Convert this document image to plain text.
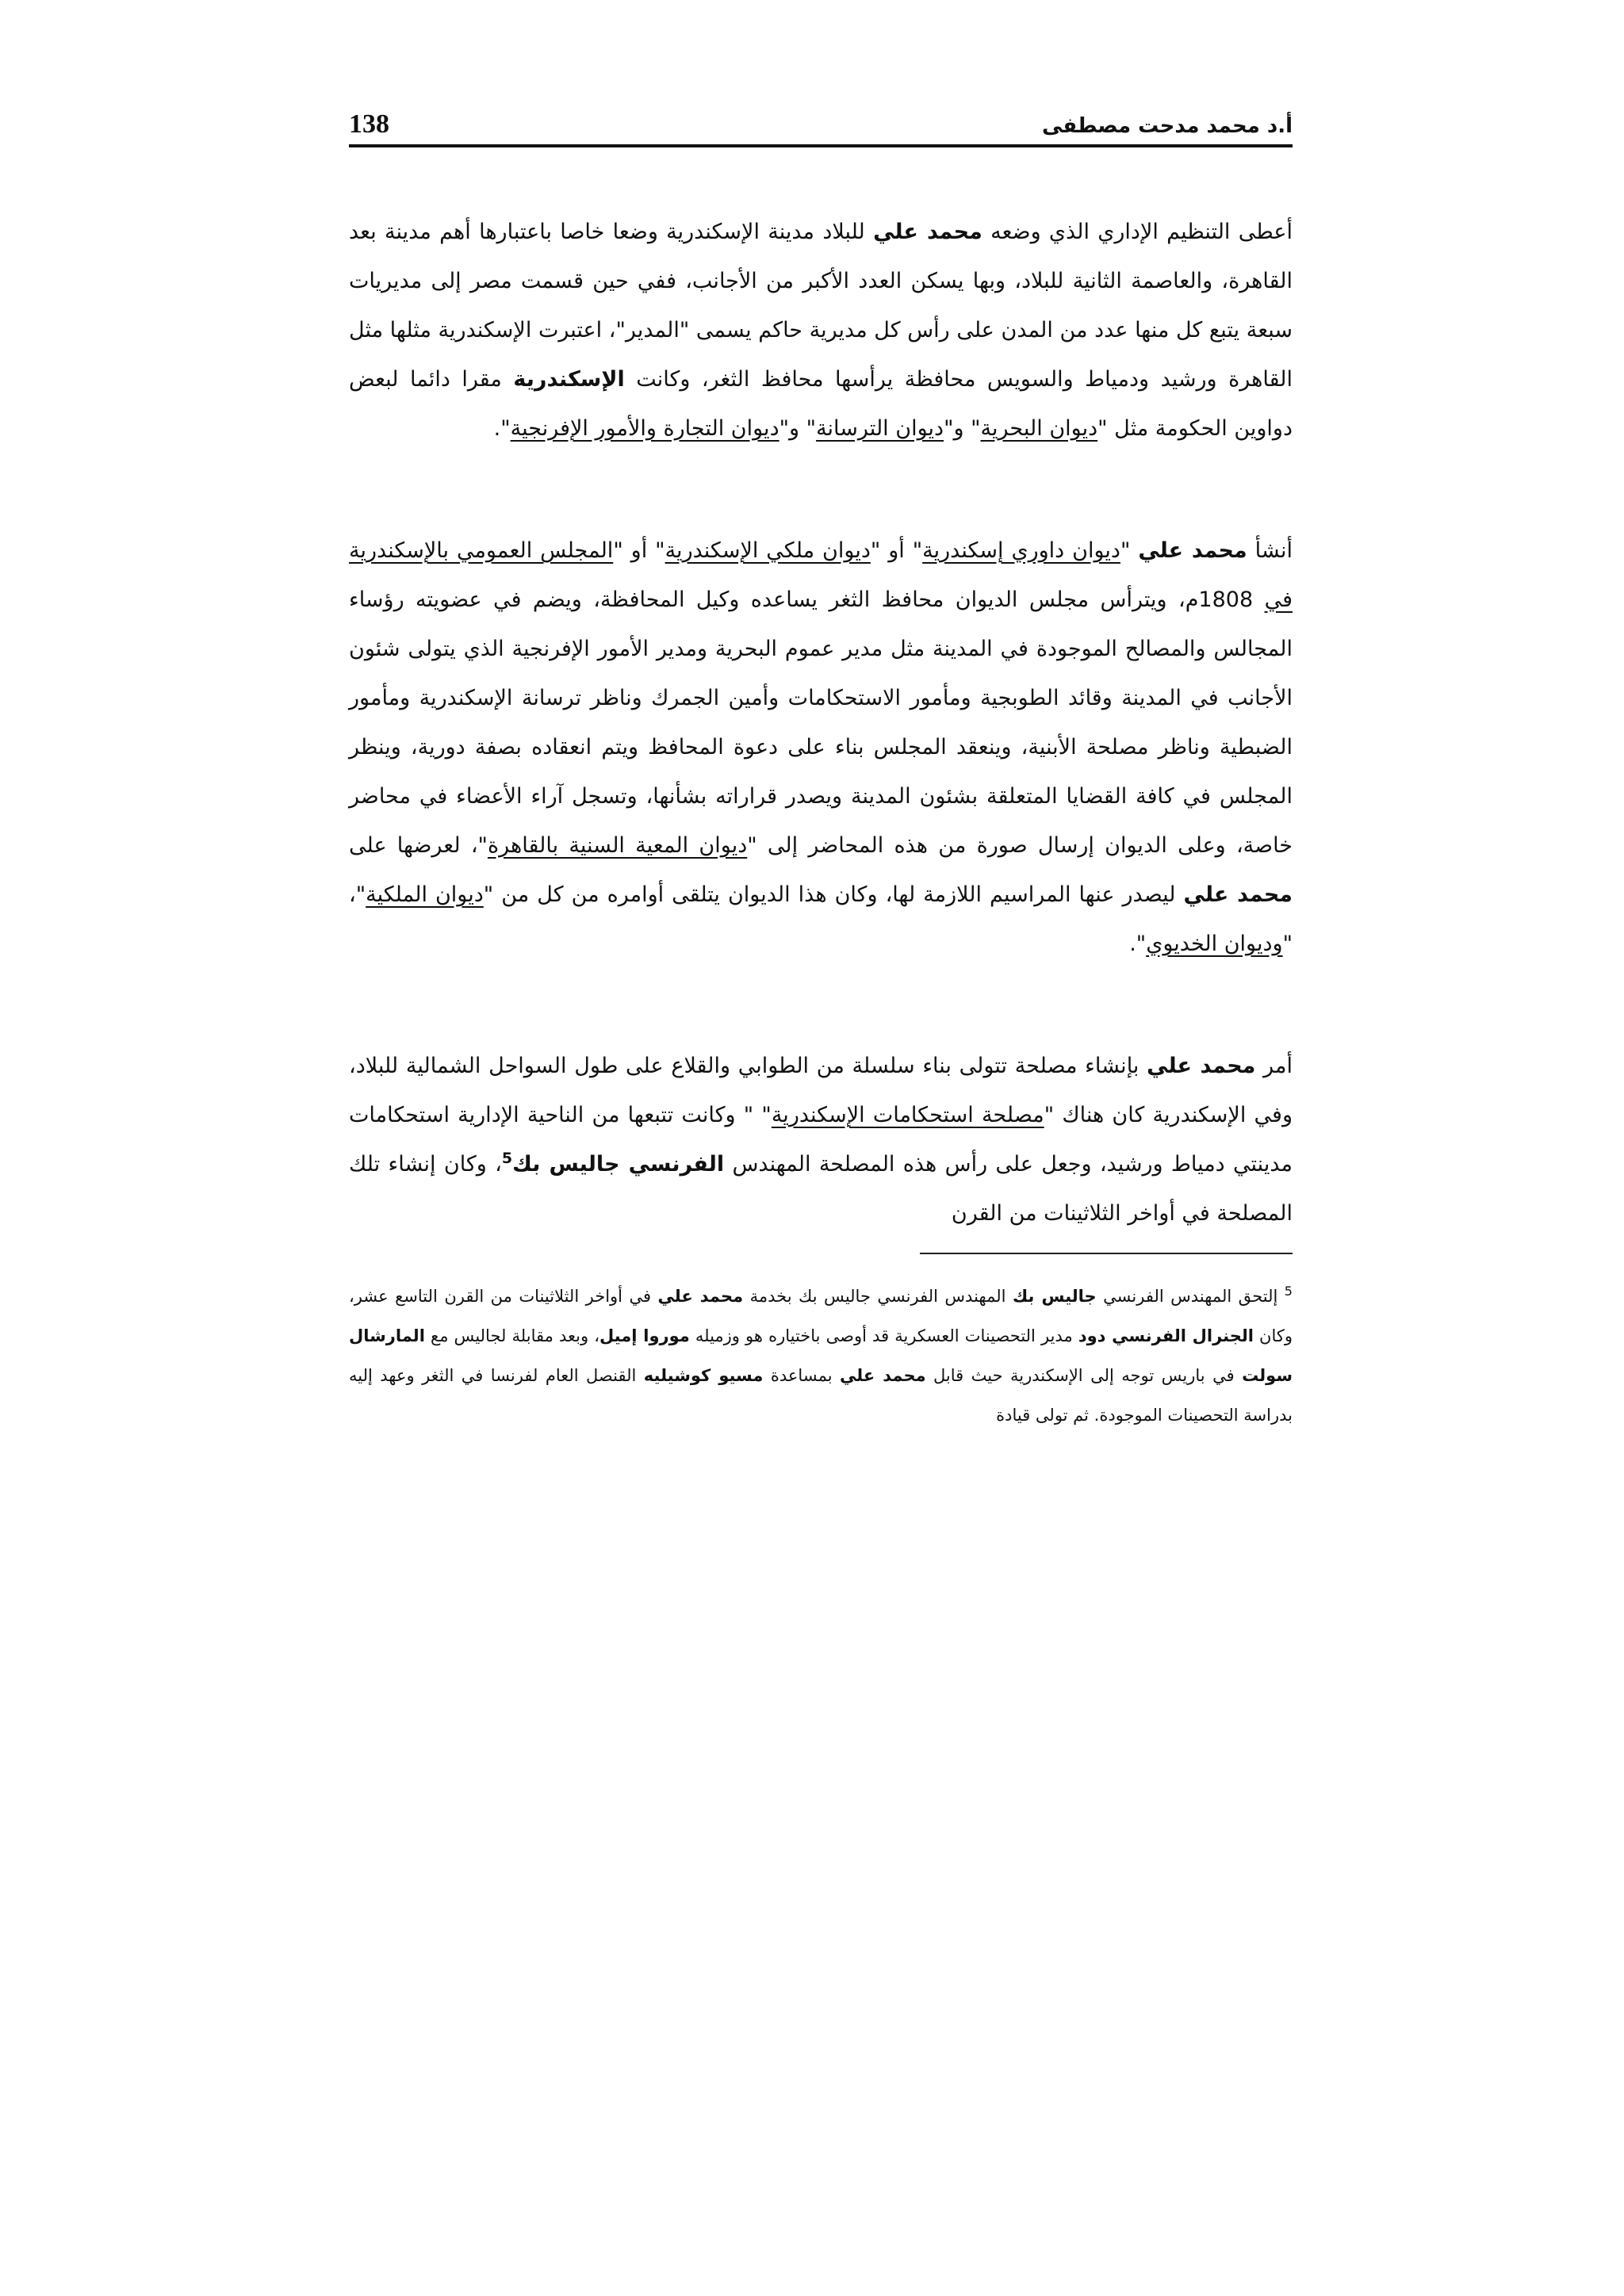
أ.د محمد مدحت مصطفى
138

أعطى التنظيم الإداري الذي وضعه محمد علي للبلاد مدينة الإسكندرية وضعا خاصا باعتبارها أهم مدينة بعد القاهرة، والعاصمة الثانية للبلاد، وبها يسكن العدد الأكبر من الأجانب، ففي حين قسمت مصر إلى مديريات سبعة يتبع كل منها عدد من المدن على رأس كل مديرية حاكم يسمى "المدير"، اعتبرت الإسكندرية مثلها مثل القاهرة ورشيد ودمياط والسويس محافظة يرأسها محافظ الثغر، وكانت الإسكندرية مقرا دائما لبعض دواوين الحكومة مثل "ديوان البحرية" و"ديوان الترسانة" و"ديوان التجارة والأمور الإفرنجية".

أنشأ محمد علي "ديوان داوري إسكندرية" أو "ديوان ملكي الإسكندرية" أو "المجلس العمومي بالإسكندرية في 1808م، ويترأس مجلس الديوان محافظ الثغر يساعده وكيل المحافظة، ويضم في عضويته رؤساء المجالس والمصالح الموجودة في المدينة مثل مدير عموم البحرية ومدير الأمور الإفرنجية الذي يتولى شئون الأجانب في المدينة وقائد الطوبجية ومأمور الاستحكامات وأمين الجمرك وناظر ترسانة الإسكندرية ومأمور الضبطية وناظر مصلحة الأبنية، وينعقد المجلس بناء على دعوة المحافظ ويتم انعقاده بصفة دورية، وينظر المجلس في كافة القضايا المتعلقة بشئون المدينة ويصدر قراراته بشأنها، وتسجل آراء الأعضاء في محاضر خاصة، وعلى الديوان إرسال صورة من هذه المحاضر إلى "ديوان المعية السنية بالقاهرة"، لعرضها على محمد علي ليصدر عنها المراسيم اللازمة لها، وكان هذا الديوان يتلقى أوامره من كل من "ديوان الملكية"، "وديوان الخديوي".

أمر محمد علي بإنشاء مصلحة تتولى بناء سلسلة من الطوابي والقلاع على طول السواحل الشمالية للبلاد، وفي الإسكندرية كان هناك "مصلحة استحكامات الإسكندرية" " وكانت تتبعها من الناحية الإدارية استحكامات مدينتي دمياط ورشيد، وجعل على رأس هذه المصلحة المهندس الفرنسي جاليس بك$^5$، وكان إنشاء تلك المصلحة في أواخر الثلاثينات من القرن

$^5$ إلتحق المهندس الفرنسي جاليس بك المهندس الفرنسي جاليس بك بخدمة محمد علي في أواخر الثلاثينات من القرن التاسع عشر، وكان الجنرال الفرنسي دود مدير التحصينات العسكرية قد أوصى باختياره هو وزميله موروا إميل، وبعد مقابلة لجاليس مع المارشال سولت في باريس توجه إلى الإسكندرية حيث قابل محمد علي بمساعدة مسيو كوشيليه القنصل العام لفرنسا في الثغر وعهد إليه بدراسة التحصينات الموجودة. ثم تولى قيادة
